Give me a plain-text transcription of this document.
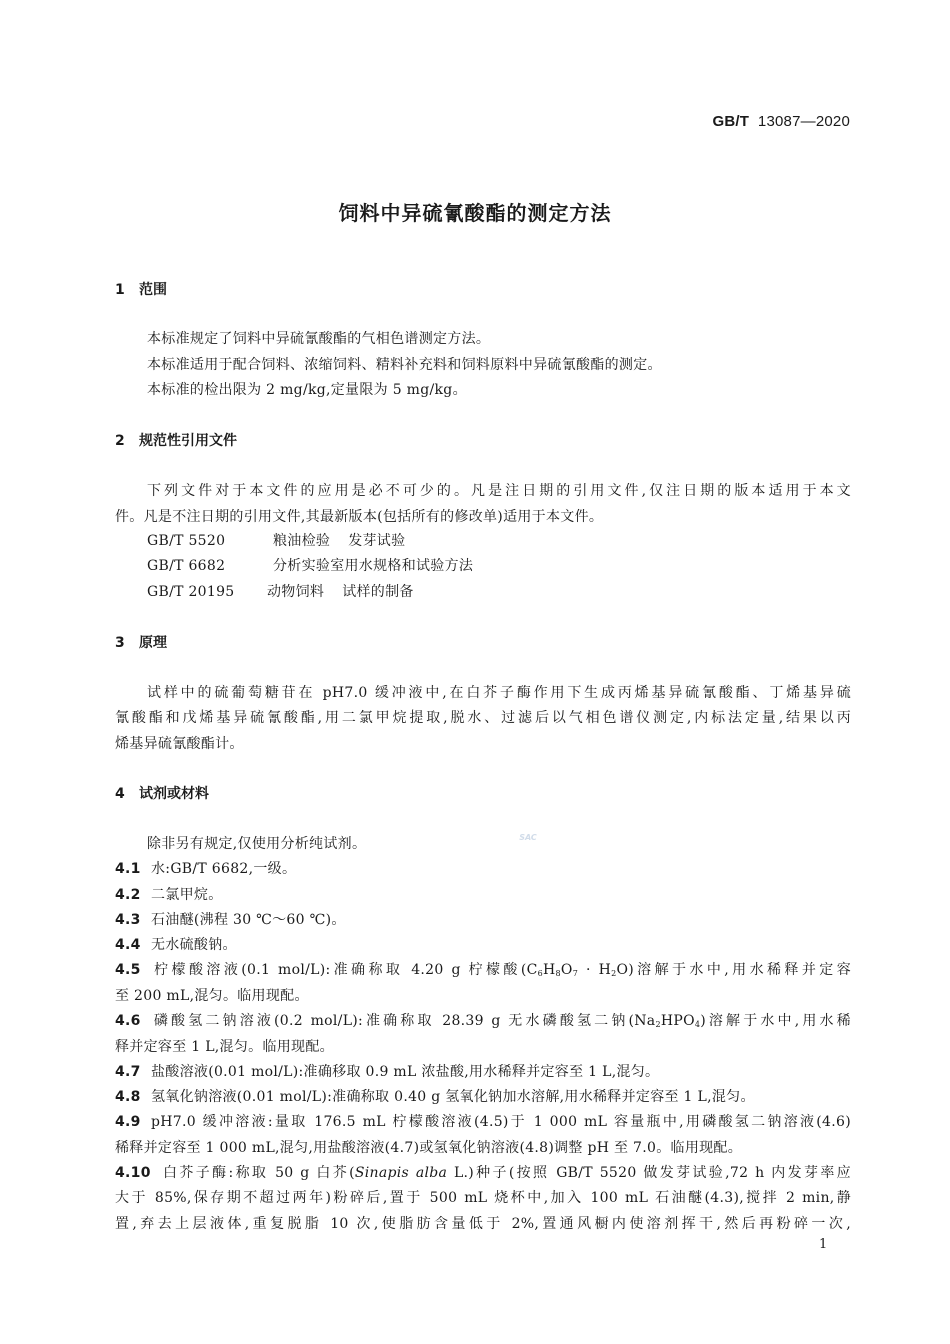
GB/T 13087—2020
饲料中异硫氰酸酯的测定方法
1 范围
本标准规定了饲料中异硫氰酸酯的气相色谱测定方法。
本标准适用于配合饲料、浓缩饲料、精料补充料和饲料原料中异硫氰酸酯的测定。
本标准的检出限为 2 mg/kg,定量限为 5 mg/kg。
2 规范性引用文件
下列文件对于本文件的应用是必不可少的。凡是注日期的引用文件,仅注日期的版本适用于本文
件。凡是不注日期的引用文件,其最新版本(包括所有的修改单)适用于本文件。
GB/T 5520	粮油检验 发芽试验
GB/T 6682	分析实验室用水规格和试验方法
GB/T 20195 动物饲料 试样的制备
3 原理
试样中的硫葡萄糖苷在 pH7.0 缓冲液中,在白芥子酶作用下生成丙烯基异硫氰酸酯、丁烯基异硫
氰酸酯和戊烯基异硫氰酸酯,用二氯甲烷提取,脱水、过滤后以气相色谱仪测定,内标法定量,结果以丙
烯基异硫氰酸酯计。
4 试剂或材料
除非另有规定,仅使用分析纯试剂。	SAC
4.1 水:GB/T 6682,一级。
4.2 二氯甲烷。
4.3 石油醚(沸程 30 ℃～60 ℃)。
4.4 无水硫酸钠。
4.5 柠檬酸溶液(0.1 mol/L):准确称取 4.20 g 柠檬酸$(C_6H_8O_7 \cdot H_2O)$溶解于水中,用水稀释并定容
至 200 mL,混匀。临用现配。
4.6 磷酸氢二钠溶液(0.2 mol/L):准确称取 28.39 g 无水磷酸氢二钠$(Na_2HPO_4)$溶解于水中,用水稀
释并定容至 1 L,混匀。临用现配。
4.7 盐酸溶液(0.01 mol/L):准确移取 0.9 mL 浓盐酸,用水稀释并定容至 1 L,混匀。
4.8 氢氧化钠溶液(0.01 mol/L):准确称取 0.40 g 氢氧化钠加水溶解,用水稀释并定容至 1 L,混匀。
4.9 pH7.0 缓冲溶液:量取 176.5 mL 柠檬酸溶液(4.5)于 1 000 mL 容量瓶中,用磷酸氢二钠溶液(4.6)
稀释并定容至 1 000 mL,混匀,用盐酸溶液(4.7)或氢氧化钠溶液(4.8)调整 pH 至 7.0。临用现配。
4.10 白芥子酶:称取 50 g 白芥(Sinapis alba L.)种子(按照 GB/T 5520 做发芽试验,72 h 内发芽率应
大于 85%,保存期不超过两年)粉碎后,置于 500 mL 烧杯中,加入 100 mL 石油醚(4.3),搅拌 2 min,静
置,弃去上层液体,重复脱脂 10 次,使脂肪含量低于 2%,置通风橱内使溶剂挥干,然后再粉碎一次,
1
